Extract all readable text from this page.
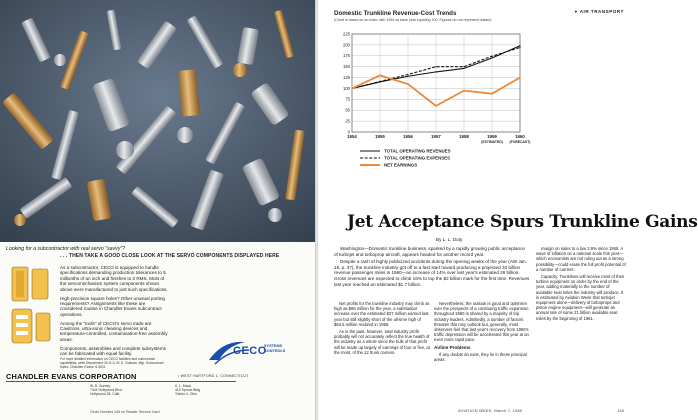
Looking for a subcontractor with real servo "savvy"?
. . . THEN TAKE A GOOD CLOSE LOOK AT THE SERVO COMPONENTS DISPLAYED HERE

As a subcontractor, CECO is equipped to handle specifications demanding production tolerances to 5 millionths of an inch and finishes to 2 RMS. Most of the servomechanism system components shown above were manufactured to just such specifications.

High-precision square holes? Other unusual porting requirements? Assignments like these are considered routine in Chandler Evans subcontract operations.

Among the "tools" of CECO's servo trade are Cavitrons, ultra-sonic cleaning devices and temperature-controlled, contamination-free assembly areas.

Components, assemblies and complete subsystems can be fabricated with equal facility.

For more detailed information on CECO facilities and subcontract capabilities, write Department 20-G-3, W. E. Gutman, Mgr. Subcontract Sales, Chandler Evans. 6-3511
CECO
SYSTEMS
CONTROLS
CHANDLER EVANS CORPORATION	• WEST HARTFORD 1, CONNECTICUT
W. B. Gurney
7444 Hollywood Blvd.
Hollywood 28, Calif.
K. L. Mack
410 Spruce Bldg.
Toledo 4, Ohio
Circle Number 145 on Reader Service Card
● AIR TRANSPORT
Domestic Trunkline Revenue-Cost Trends
(Chart is based on an index with 1954 as base year equaling 100. Figures do not represent dollars)
0
25
50
75
100
125
150
175
200
225
1954	1955	1956	1957	1958	1959
(ESTIMATED)
1960
(FORECAST)
TOTAL OPERATING REVENUES
TOTAL OPERATING EXPENSES
NET EARNINGS
Jet Acceptance Spurs Trunkline Gains
By L. L. Doty

Washington—Domestic trunkline business, sparked by a rapidly growing public acceptance of turbojet and turboprop aircraft, appears headed for another record year.

Despite a rash of highly publicized accidents during the opening weeks of the year (AW Jan. 18, p. 37), the trunkline industry got off to a fast start toward producing a projected 33 billion revenue passenger miles in 1960—an increase of 14% over last year's estimated 28 billion. Gross revenues are expected to climb 16% to top the $2 billion mark for the first time. Revenues last year reached an estimated $1.7 billion.

Net profits for the trunkline industry may climb as high as $65 million for the year, a substantial increase over the estimated $37 million earned last year but still slightly short of the all-time high of $63.5 million realized in 1955.

As in the past, however, total industry profit probably will not accurately reflect the true health of the industry as a whole since the bulk of that profit will be made up largely of earnings of four or five, at the most, of the 12 trunk carriers.

Nevertheless, the outlook is good and optimism over the prospects of a continuing traffic expansion throughout 1960 is shared by a majority of top industry leaders. Admittedly, a number of factors threaten this rosy outlook but, generally, most observers feel that last year's recovery from 1958's traffic depression will be accelerated this year at an even more rapid pace.

Airline Problems

If any doubts do exist, they lie in these principal areas:

margin on sales to a low 2.9% since 1958. A wave of inflation on a national scale this year—which economists are not ruling out as a strong possibility—could erase the full profit potential of a number of carriers.

Capacity. Trunklines will receive most of their turbine equipment on order by the end of the year, adding materially to the number of available seat miles the industry will produce. It is estimated by Aviation Week that turbojet equipment alone—delivery of turboprops and piston engine equipment—will generate an annual rate of some 21 billion available seat miles by the beginning of 1961.

AVIATION WEEK, March 7, 1960	143
